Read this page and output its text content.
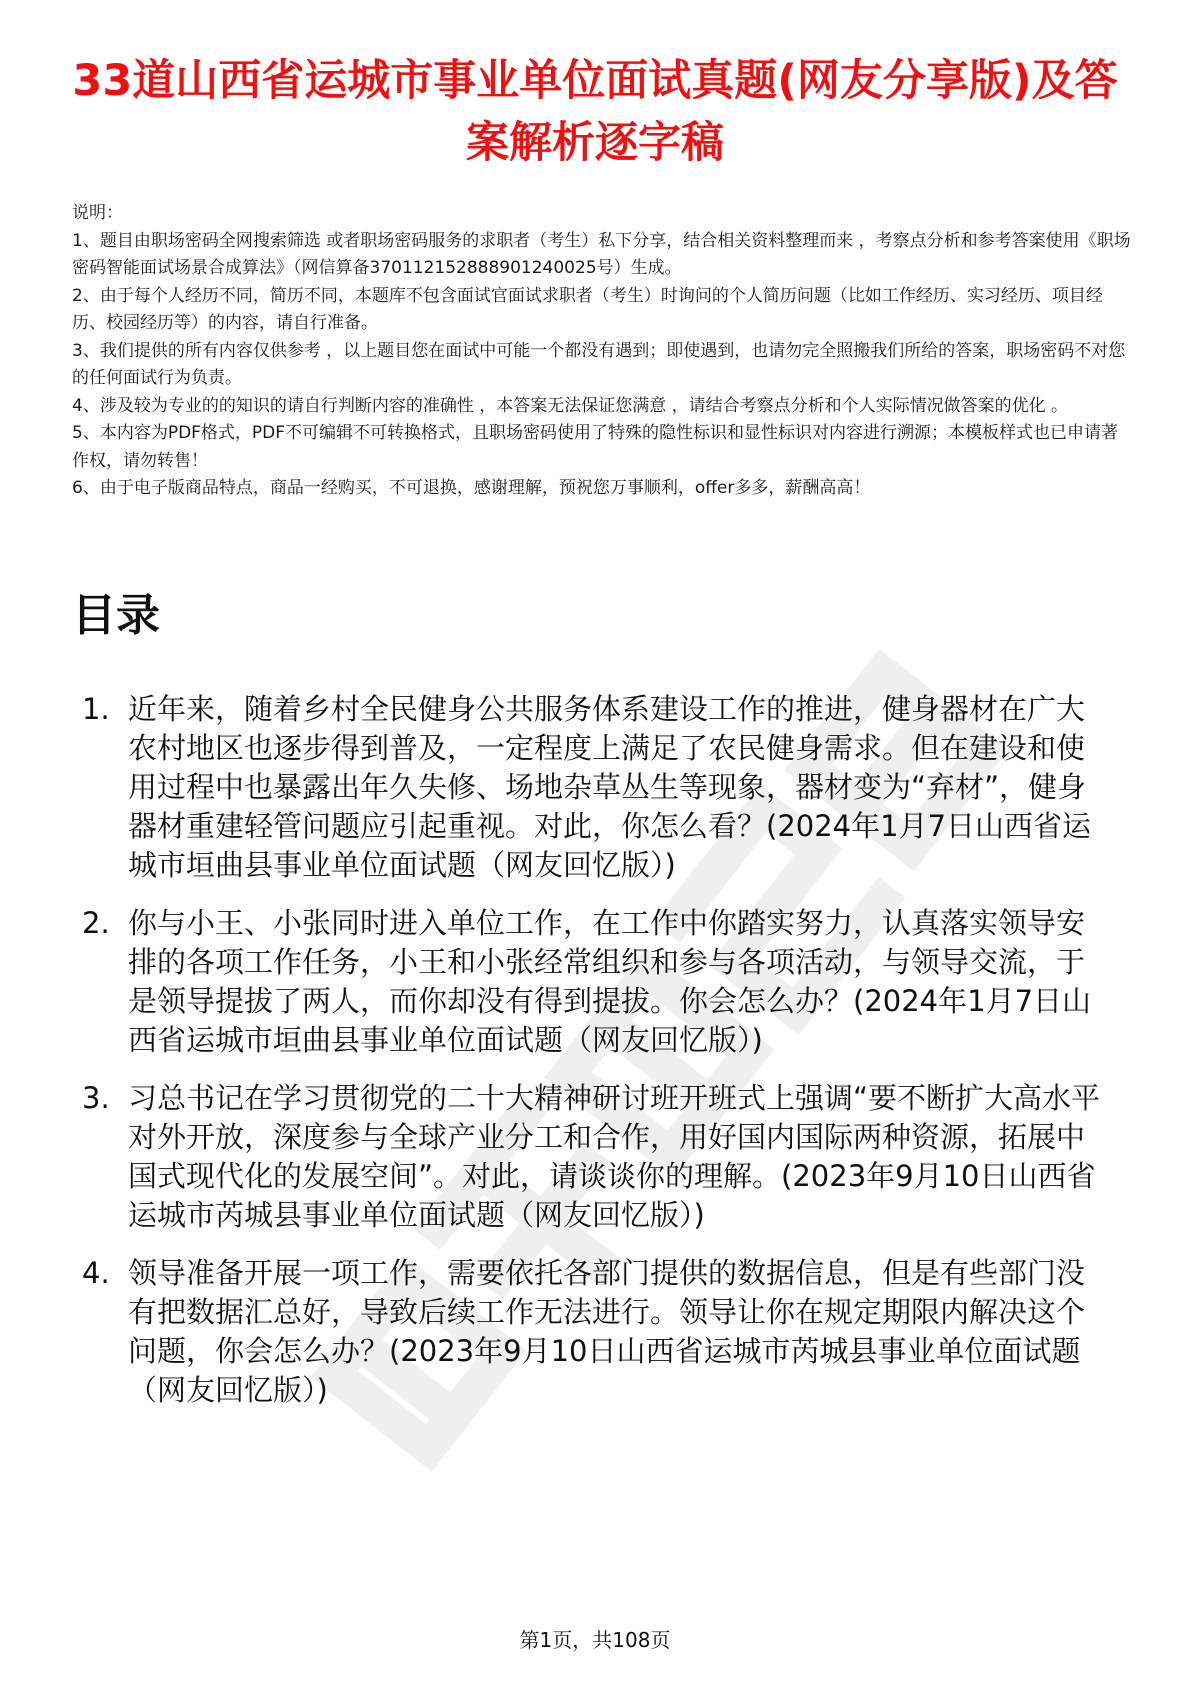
33道山西省运城市事业单位面试真题(网友分享版)及答案解析逐字稿
说明：
1、题目由职场密码全网搜索筛选 或者职场密码服务的求职者（考生）私下分享，结合相关资料整理而来 ，考察点分析和参考答案使用《职场密码智能面试场景合成算法》（网信算备370112152888901240025号）生成。
2、由于每个人经历不同，简历不同，本题库不包含面试官面试求职者（考生）时询问的个人简历问题（比如工作经历、实习经历、项目经历、校园经历等）的内容，请自行准备。
3、我们提供的所有内容仅供参考 ，以上题目您在面试中可能一个都没有遇到；即使遇到，也请勿完全照搬我们所给的答案，职场密码不对您的任何面试行为负责。
4、涉及较为专业的的知识的请自行判断内容的准确性 ，本答案无法保证您满意 ，请结合考察点分析和个人实际情况做答案的优化 。
5、本内容为PDF格式，PDF不可编辑不可转换格式，且职场密码使用了特殊的隐性标识和显性标识对内容进行溯源；本模板样式也已申请著作权，请勿转售！
6、由于电子版商品特点，商品一经购买，不可退换，感谢理解，预祝您万事顺利，offer多多，薪酬高高！
目录
1. 近年来，随着乡村全民健身公共服务体系建设工作的推进，健身器材在广大农村地区也逐步得到普及，一定程度上满足了农民健身需求。但在建设和使用过程中也暴露出年久失修、场地杂草丛生等现象，器材变为“弃材”，健身器材重建轻管问题应引起重视。对此，你怎么看？(2024年1月7日山西省运城市垣曲县事业单位面试题（网友回忆版）)
2. 你与小王、小张同时进入单位工作，在工作中你踏实努力，认真落实领导安排的各项工作任务，小王和小张经常组织和参与各项活动，与领导交流，于是领导提拔了两人，而你却没有得到提拔。你会怎么办？(2024年1月7日山西省运城市垣曲县事业单位面试题（网友回忆版）)
3. 习总书记在学习贯彻党的二十大精神研讨班开班式上强调“要不断扩大高水平对外开放，深度参与全球产业分工和合作，用好国内国际两种资源，拓展中国式现代化的发展空间”。对此，请谈谈你的理解。(2023年9月10日山西省运城市芮城县事业单位面试题（网友回忆版）)
4. 领导准备开展一项工作，需要依托各部门提供的数据信息，但是有些部门没有把数据汇总好，导致后续工作无法进行。领导让你在规定期限内解决这个问题，你会怎么办？(2023年9月10日山西省运城市芮城县事业单位面试题（网友回忆版）)
第1页，共108页
